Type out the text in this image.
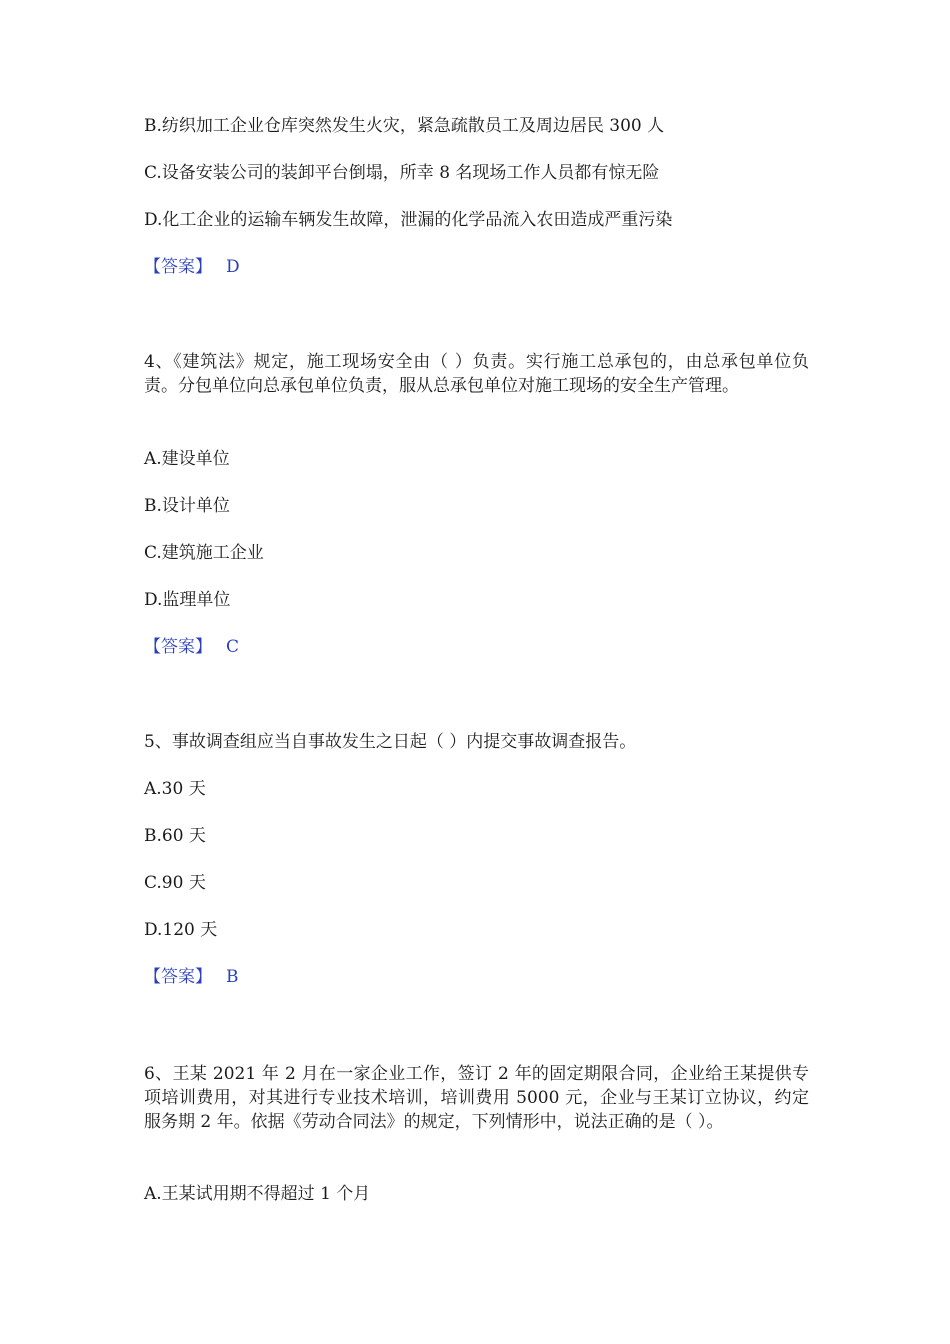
B.纺织加工企业仓库突然发生火灾，紧急疏散员工及周边居民 300 人
C.设备安装公司的装卸平台倒塌，所幸 8 名现场工作人员都有惊无险
D.化工企业的运输车辆发生故障，泄漏的化学品流入农田造成严重污染
【答案】 D
4、《建筑法》规定，施工现场安全由（ ）负责。实行施工总承包的，由总承包单位负责。分包单位向总承包单位负责，服从总承包单位对施工现场的安全生产管理。
A.建设单位
B.设计单位
C.建筑施工企业
D.监理单位
【答案】 C
5、事故调查组应当自事故发生之日起（ ）内提交事故调查报告。
A.30 天
B.60 天
C.90 天
D.120 天
【答案】 B
6、王某 2021 年 2 月在一家企业工作，签订 2 年的固定期限合同，企业给王某提供专项培训费用，对其进行专业技术培训，培训费用 5000 元，企业与王某订立协议，约定服务期 2 年。依据《劳动合同法》的规定，下列情形中，说法正确的是（ ）。
A.王某试用期不得超过 1 个月
